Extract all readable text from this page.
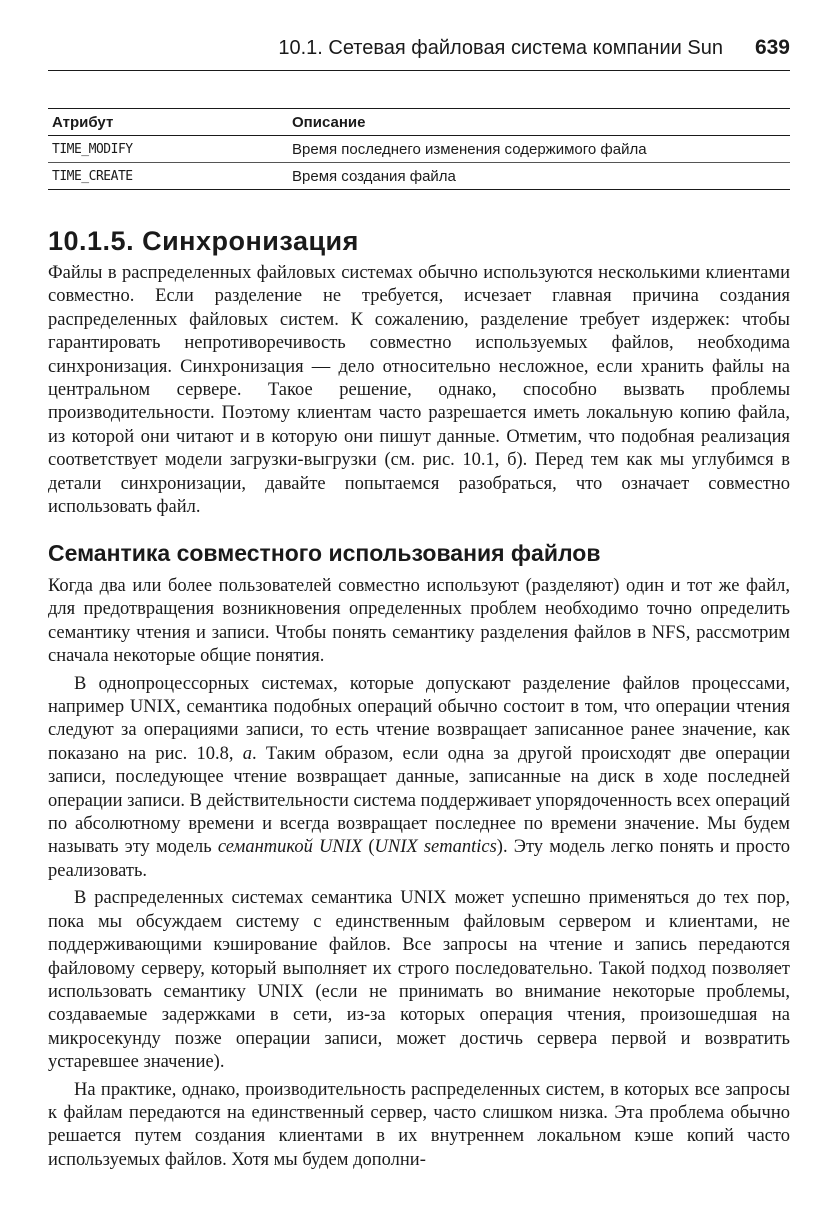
10.1. Сетевая файловая система компании Sun 639
Атрибут	Описание
TIME_MODIFY	Время последнего изменения содержимого файла
TIME_CREATE	Время создания файла
10.1.5. Синхронизация

Файлы в распределенных файловых системах обычно используются несколькими клиентами совместно. Если разделение не требуется, исчезает главная причина создания распределенных файловых систем. К сожалению, разделение требует издержек: чтобы гарантировать непротиворечивость совместно используемых файлов, необходима синхронизация. Синхронизация — дело относительно несложное, если хранить файлы на центральном сервере. Такое решение, однако, способно вызвать проблемы производительности. Поэтому клиентам часто разрешается иметь локальную копию файла, из которой они читают и в которую они пишут данные. Отметим, что подобная реализация соответствует модели загрузки-выгрузки (см. рис. 10.1, б). Перед тем как мы углубимся в детали синхронизации, давайте попытаемся разобраться, что означает совместно использовать файл.

Семантика совместного использования файлов

Когда два или более пользователей совместно используют (разделяют) один и тот же файл, для предотвращения возникновения определенных проблем необходимо точно определить семантику чтения и записи. Чтобы понять семантику разделения файлов в NFS, рассмотрим сначала некоторые общие понятия.

В однопроцессорных системах, которые допускают разделение файлов процессами, например UNIX, семантика подобных операций обычно состоит в том, что операции чтения следуют за операциями записи, то есть чтение возвращает записанное ранее значение, как показано на рис. 10.8, а. Таким образом, если одна за другой происходят две операции записи, последующее чтение возвращает данные, записанные на диск в ходе последней операции записи. В действительности система поддерживает упорядоченность всех операций по абсолютному времени и всегда возвращает последнее по времени значение. Мы будем называть эту модель семантикой UNIX (UNIX semantics). Эту модель легко понять и просто реализовать.

В распределенных системах семантика UNIX может успешно применяться до тех пор, пока мы обсуждаем систему с единственным файловым сервером и клиентами, не поддерживающими кэширование файлов. Все запросы на чтение и запись передаются файловому серверу, который выполняет их строго последовательно. Такой подход позволяет использовать семантику UNIX (если не принимать во внимание некоторые проблемы, создаваемые задержками в сети, из-за которых операция чтения, произошедшая на микросекунду позже операции записи, может достичь сервера первой и возвратить устаревшее значение).

На практике, однако, производительность распределенных систем, в которых все запросы к файлам передаются на единственный сервер, часто слишком низка. Эта проблема обычно решается путем создания клиентами в их внутреннем локальном кэше копий часто используемых файлов. Хотя мы будем дополни-
